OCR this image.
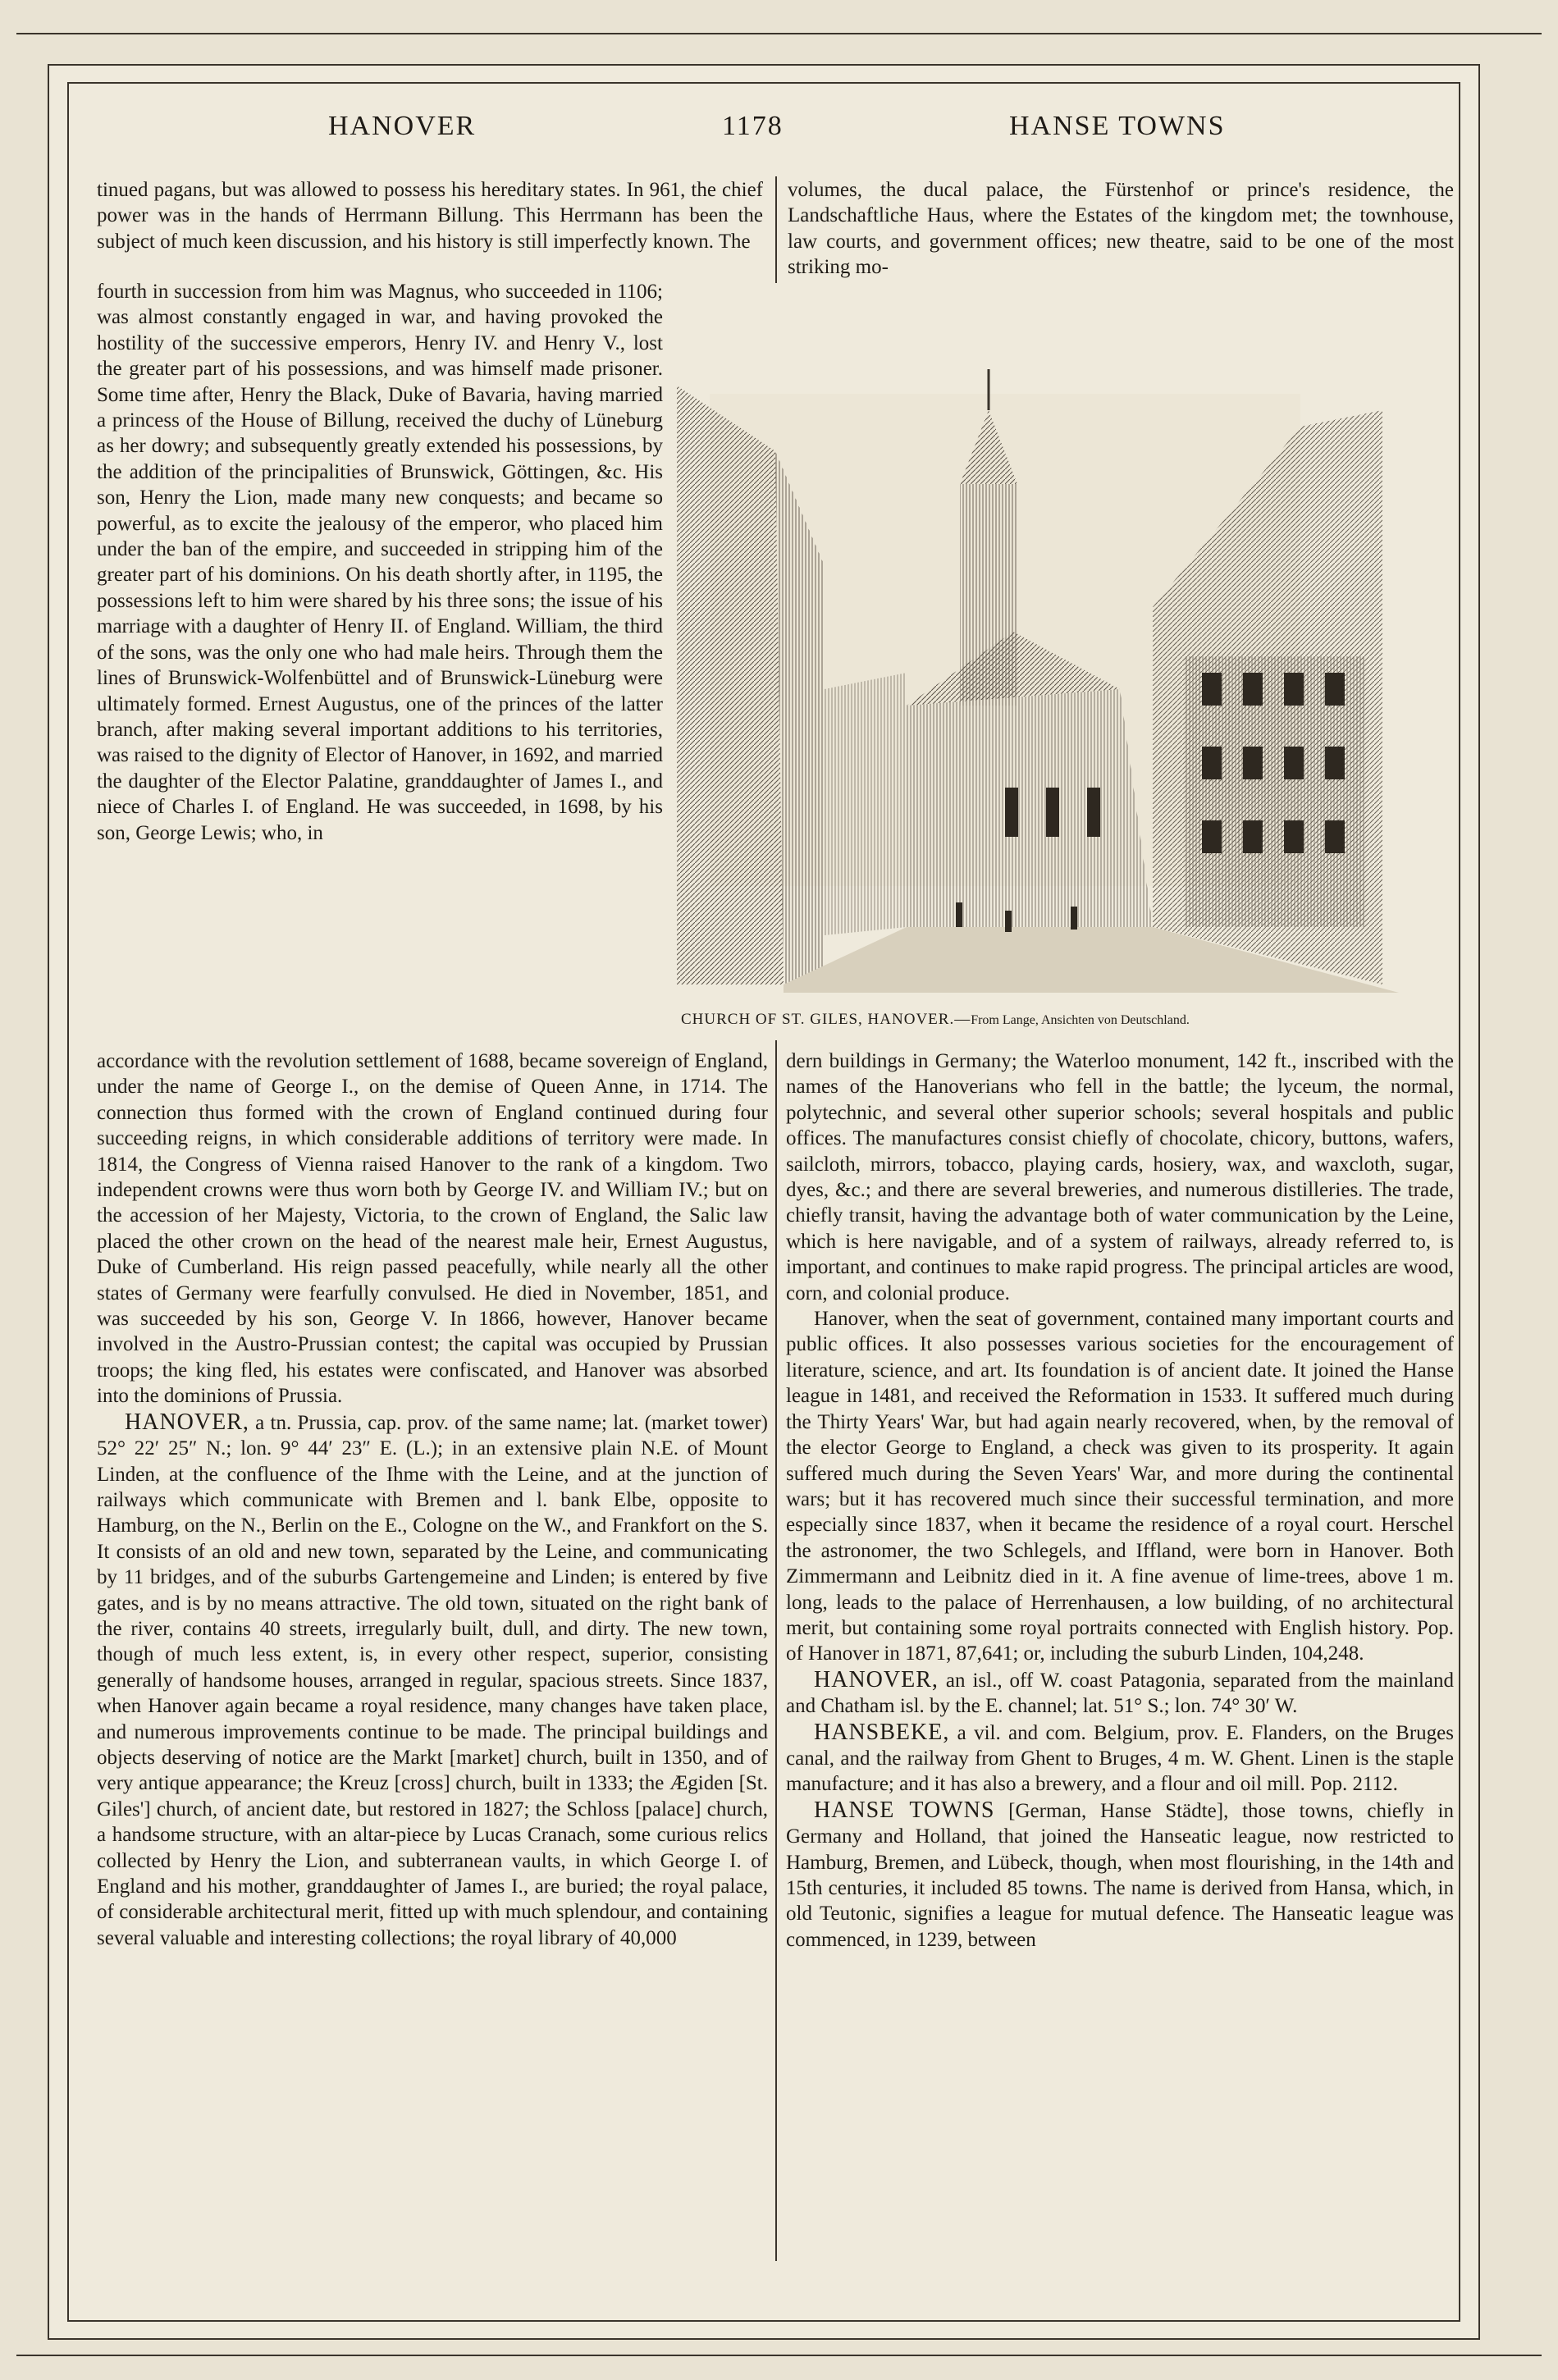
HANOVER	1178	HANSE TOWNS

tinued pagans, but was allowed to possess his hereditary states. In 961, the chief power was in the hands of Herrmann Billung. This Herrmann has been the subject of much keen discussion, and his history is still imperfectly known. The

fourth in succession from him was Magnus, who succeeded in 1106; was almost constantly engaged in war, and having provoked the hostility of the successive emperors, Henry IV. and Henry V., lost the greater part of his possessions, and was himself made prisoner. Some time after, Henry the Black, Duke of Bavaria, having married a princess of the House of Billung, received the duchy of Lüneburg as her dowry; and subsequently greatly extended his possessions, by the addition of the principalities of Brunswick, Göttingen, &c. His son, Henry the Lion, made many new conquests; and became so powerful, as to excite the jealousy of the emperor, who placed him under the ban of the empire, and succeeded in stripping him of the greater part of his dominions. On his death shortly after, in 1195, the possessions left to him were shared by his three sons; the issue of his marriage with a daughter of Henry II. of England. William, the third of the sons, was the only one who had male heirs. Through them the lines of Brunswick-Wolfenbüttel and of Brunswick-Lüneburg were ultimately formed. Ernest Augustus, one of the princes of the latter branch, after making several important additions to his territories, was raised to the dignity of Elector of Hanover, in 1692, and married the daughter of the Elector Palatine, granddaughter of James I., and niece of Charles I. of England. He was succeeded, in 1698, by his son, George Lewis; who, in

accordance with the revolution settlement of 1688, became sovereign of England, under the name of George I., on the demise of Queen Anne, in 1714. The connection thus formed with the crown of England continued during four succeeding reigns, in which considerable additions of territory were made. In 1814, the Congress of Vienna raised Hanover to the rank of a kingdom. Two independent crowns were thus worn both by George IV. and William IV.; but on the accession of her Majesty, Victoria, to the crown of England, the Salic law placed the other crown on the head of the nearest male heir, Ernest Augustus, Duke of Cumberland. His reign passed peacefully, while nearly all the other states of Germany were fearfully convulsed. He died in November, 1851, and was succeeded by his son, George V. In 1866, however, Hanover became involved in the Austro-Prussian contest; the capital was occupied by Prussian troops; the king fled, his estates were confiscated, and Hanover was absorbed into the dominions of Prussia.

HANOVER, a tn. Prussia, cap. prov. of the same name; lat. (market tower) 52° 22′ 25″ N.; lon. 9° 44′ 23″ E. (L.); in an extensive plain N.E. of Mount Linden, at the confluence of the Ihme with the Leine, and at the junction of railways which communicate with Bremen and l. bank Elbe, opposite to Hamburg, on the N., Berlin on the E., Cologne on the W., and Frankfort on the S. It consists of an old and new town, separated by the Leine, and communicating by 11 bridges, and of the suburbs Gartengemeine and Linden; is entered by five gates, and is by no means attractive. The old town, situated on the right bank of the river, contains 40 streets, irregularly built, dull, and dirty. The new town, though of much less extent, is, in every other respect, superior, consisting generally of handsome houses, arranged in regular, spacious streets. Since 1837, when Hanover again became a royal residence, many changes have taken place, and numerous improvements continue to be made. The principal buildings and objects deserving of notice are the Markt [market] church, built in 1350, and of very antique appearance; the Kreuz [cross] church, built in 1333; the Ægiden [St. Giles'] church, of ancient date, but restored in 1827; the Schloss [palace] church, a handsome structure, with an altar-piece by Lucas Cranach, some curious relics collected by Henry the Lion, and subterranean vaults, in which George I. of England and his mother, granddaughter of James I., are buried; the royal palace, of considerable architectural merit, fitted up with much splendour, and containing several valuable and interesting collections; the royal library of 40,000

volumes, the ducal palace, the Fürstenhof or prince's residence, the Landschaftliche Haus, where the Estates of the kingdom met; the townhouse, law courts, and government offices; new theatre, said to be one of the most striking mo-

CHURCH OF ST. GILES, HANOVER.—From Lange, Ansichten von Deutschland.

dern buildings in Germany; the Waterloo monument, 142 ft., inscribed with the names of the Hanoverians who fell in the battle; the lyceum, the normal, polytechnic, and several other superior schools; several hospitals and public offices. The manufactures consist chiefly of chocolate, chicory, buttons, wafers, sailcloth, mirrors, tobacco, playing cards, hosiery, wax, and waxcloth, sugar, dyes, &c.; and there are several breweries, and numerous distilleries. The trade, chiefly transit, having the advantage both of water communication by the Leine, which is here navigable, and of a system of railways, already referred to, is important, and continues to make rapid progress. The principal articles are wood, corn, and colonial produce.

Hanover, when the seat of government, contained many important courts and public offices. It also possesses various societies for the encouragement of literature, science, and art. Its foundation is of ancient date. It joined the Hanse league in 1481, and received the Reformation in 1533. It suffered much during the Thirty Years' War, but had again nearly recovered, when, by the removal of the elector George to England, a check was given to its prosperity. It again suffered much during the Seven Years' War, and more during the continental wars; but it has recovered much since their successful termination, and more especially since 1837, when it became the residence of a royal court. Herschel the astronomer, the two Schlegels, and Iffland, were born in Hanover. Both Zimmermann and Leibnitz died in it. A fine avenue of lime-trees, above 1 m. long, leads to the palace of Herrenhausen, a low building, of no architectural merit, but containing some royal portraits connected with English history. Pop. of Hanover in 1871, 87,641; or, including the suburb Linden, 104,248.

HANOVER, an isl., off W. coast Patagonia, separated from the mainland and Chatham isl. by the E. channel; lat. 51° S.; lon. 74° 30′ W.

HANSBEKE, a vil. and com. Belgium, prov. E. Flanders, on the Bruges canal, and the railway from Ghent to Bruges, 4 m. W. Ghent. Linen is the staple manufacture; and it has also a brewery, and a flour and oil mill. Pop. 2112.

HANSE TOWNS [German, Hanse Städte], those towns, chiefly in Germany and Holland, that joined the Hanseatic league, now restricted to Hamburg, Bremen, and Lübeck, though, when most flourishing, in the 14th and 15th centuries, it included 85 towns. The name is derived from Hansa, which, in old Teutonic, signifies a league for mutual defence. The Hanseatic league was commenced, in 1239, between
